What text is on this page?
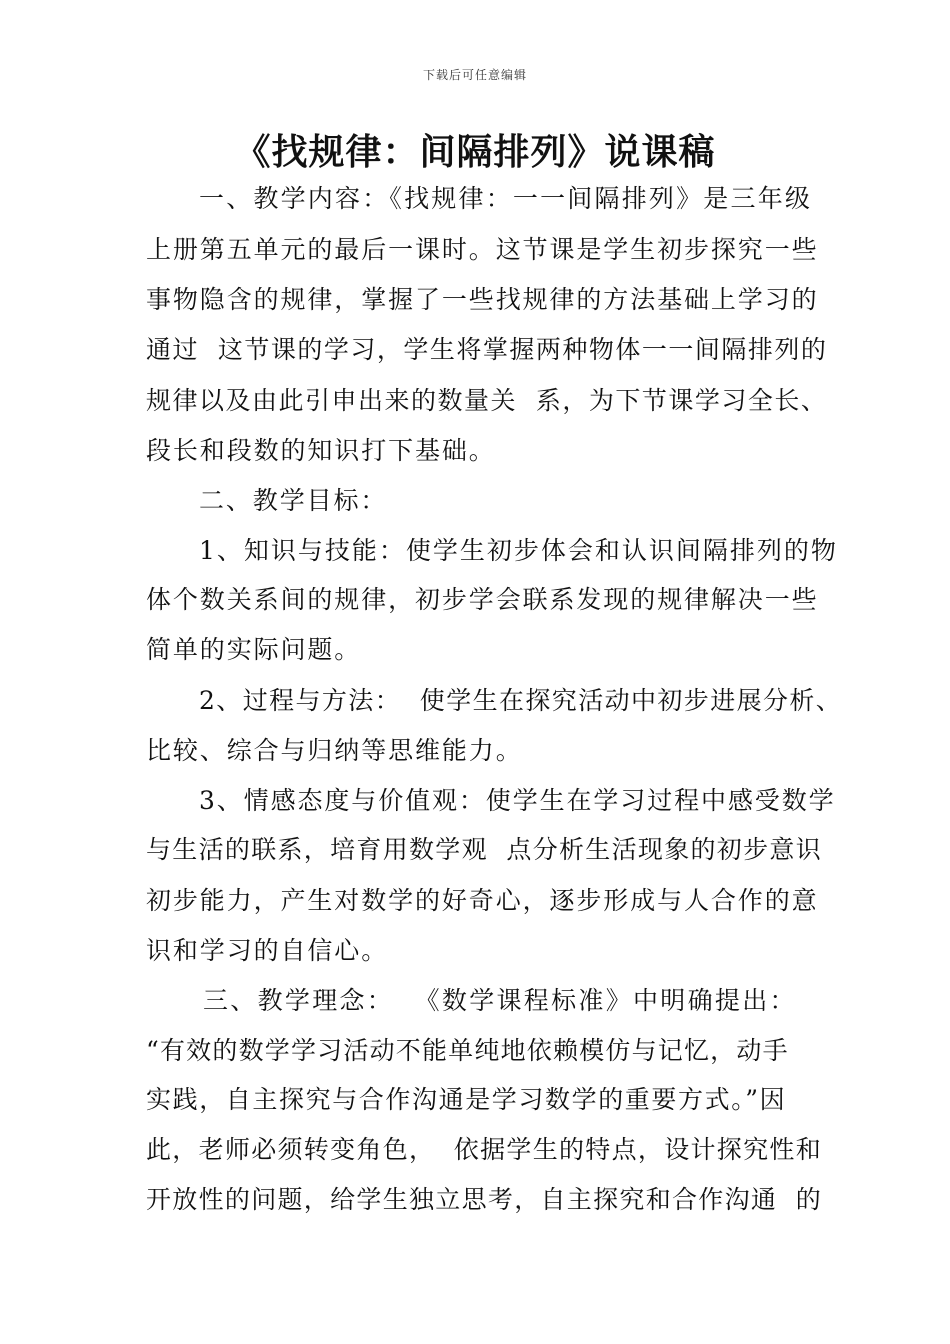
下载后可任意编辑
《找规律：间隔排列》说课稿
一、教学内容：《找规律：一一间隔排列》是三年级
上册第五单元的最后一课时。这节课是学生初步探究一些
事物隐含的规律，掌握了一些找规律的方法基础上学习的
通过  这节课的学习，学生将掌握两种物体一一间隔排列的
规律以及由此引申出来的数量关  系，为下节课学习全长、
段长和段数的知识打下基础。
二、教学目标：
1、知识与技能：使学生初步体会和认识间隔排列的物
体个数关系间的规律，初步学会联系发现的规律解决一些
简单的实际问题。
2、过程与方法：  使学生在探究活动中初步进展分析、
比较、综合与归纳等思维能力。
3、情感态度与价值观：使学生在学习过程中感受数学
与生活的联系，培育用数学观  点分析生活现象的初步意识
初步能力，产生对数学的好奇心，逐步形成与人合作的意
识和学习的自信心。
三、教学理念：  《数学课程标准》中明确提出：
“有效的数学学习活动不能单纯地依赖模仿与记忆，动手
实践，自主探究与合作沟通是学习数学的重要方式。”因
此，老师必须转变角色，  依据学生的特点，设计探究性和
开放性的问题，给学生独立思考，自主探究和合作沟通  的
